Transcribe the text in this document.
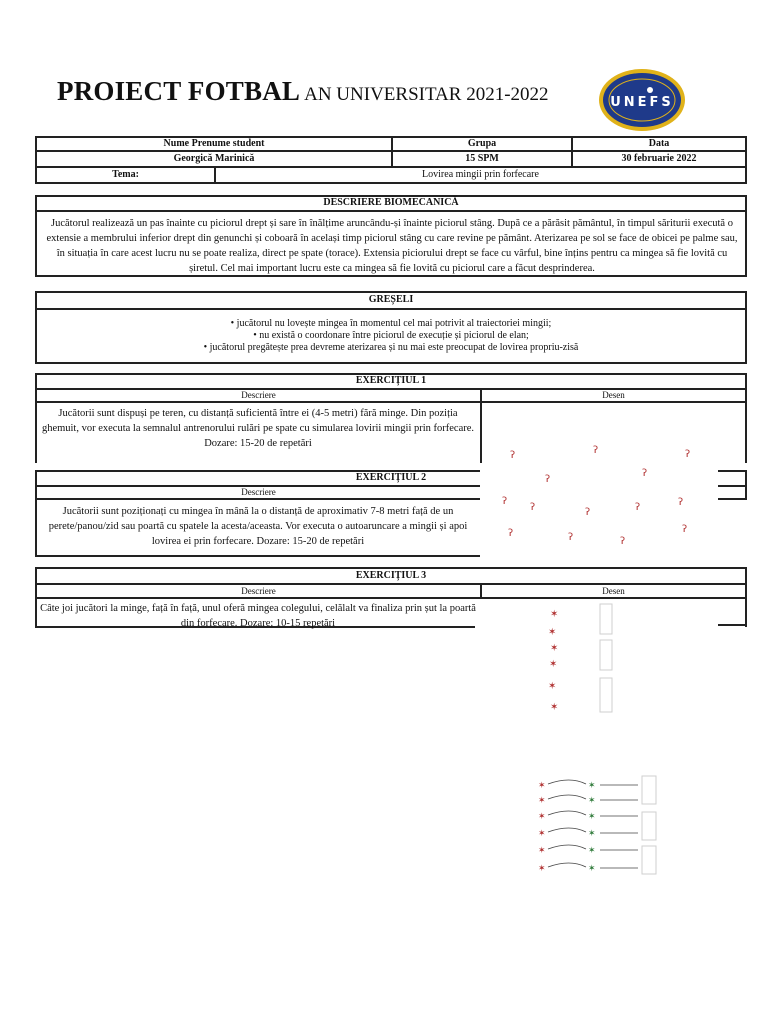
PROIECT FOTBAL AN UNIVERSITAR 2021-2022	UNEFS
Nume Prenume student	Grupa	Data
Georgică Marinică	15 SPM	30 februarie 2022
Tema:	Lovirea mingii prin forfecare
DESCRIERE BIOMECANICĂ
Jucătorul realizează un pas înainte cu piciorul drept și sare în înălțime aruncându-și înainte piciorul stâng. După ce a părăsit pământul, în timpul săriturii execută o extensie a membrului inferior drept din genunchi și coboară în același timp piciorul stâng cu care revine pe pământ. Aterizarea pe sol se face de obicei pe palme sau, în situația în care acest lucru nu se poate realiza, direct pe spate (torace). Extensia piciorului drept se face cu vârful, bine înțins pentru ca mingea să fie lovită cu șiretul. Cel mai important lucru este ca mingea să fie lovită cu piciorul care a făcut desprinderea.
GREȘELI
• jucătorul nu lovește mingea în momentul cel mai potrivit al traiectoriei mingii;
• nu există o coordonare între piciorul de execuție și piciorul de elan;
• jucătorul pregătește prea devreme aterizarea și nu mai este preocupat de lovirea propriu-zisă
EXERCIȚIUL 1
Descriere	Desen
Jucătorii sunt dispuși pe teren, cu distanță suficientă între ei (4-5 metri) fără minge. Din poziția ghemuit, vor executa la semnalul antrenorului rulări pe spate cu simularea lovirii mingii prin forfecare. Dozare: 15-20 de repetări
EXERCIȚIUL 2
Descriere
Jucătorii sunt poziționați cu mingea în mână la o distanță de aproximativ 7-8 metri față de un perete/panou/zid sau poartă cu spatele la acesta/aceasta. Vor executa o autoaruncare a mingii și apoi lovirea ei prin forfecare. Dozare: 15-20 de repetări
EXERCIȚIUL 3
Descriere	Desen
Câte joi jucători la minge, față în față, unul oferă mingea colegului, celălalt va finaliza prin șut la poartă din forfecare. Dozare: 10-15 repetări
ʔ	ʔ	ʔ
ʔ
ʔ
ʔ
ʔ	ʔ	ʔ
ʔ
ʔ	ʔ	ʔ
ʔ
✶
✶
✶
✶
✶
✶
✶
✶
✶
✶
✶
✶
✶
✶
✶
✶
✶
✶
